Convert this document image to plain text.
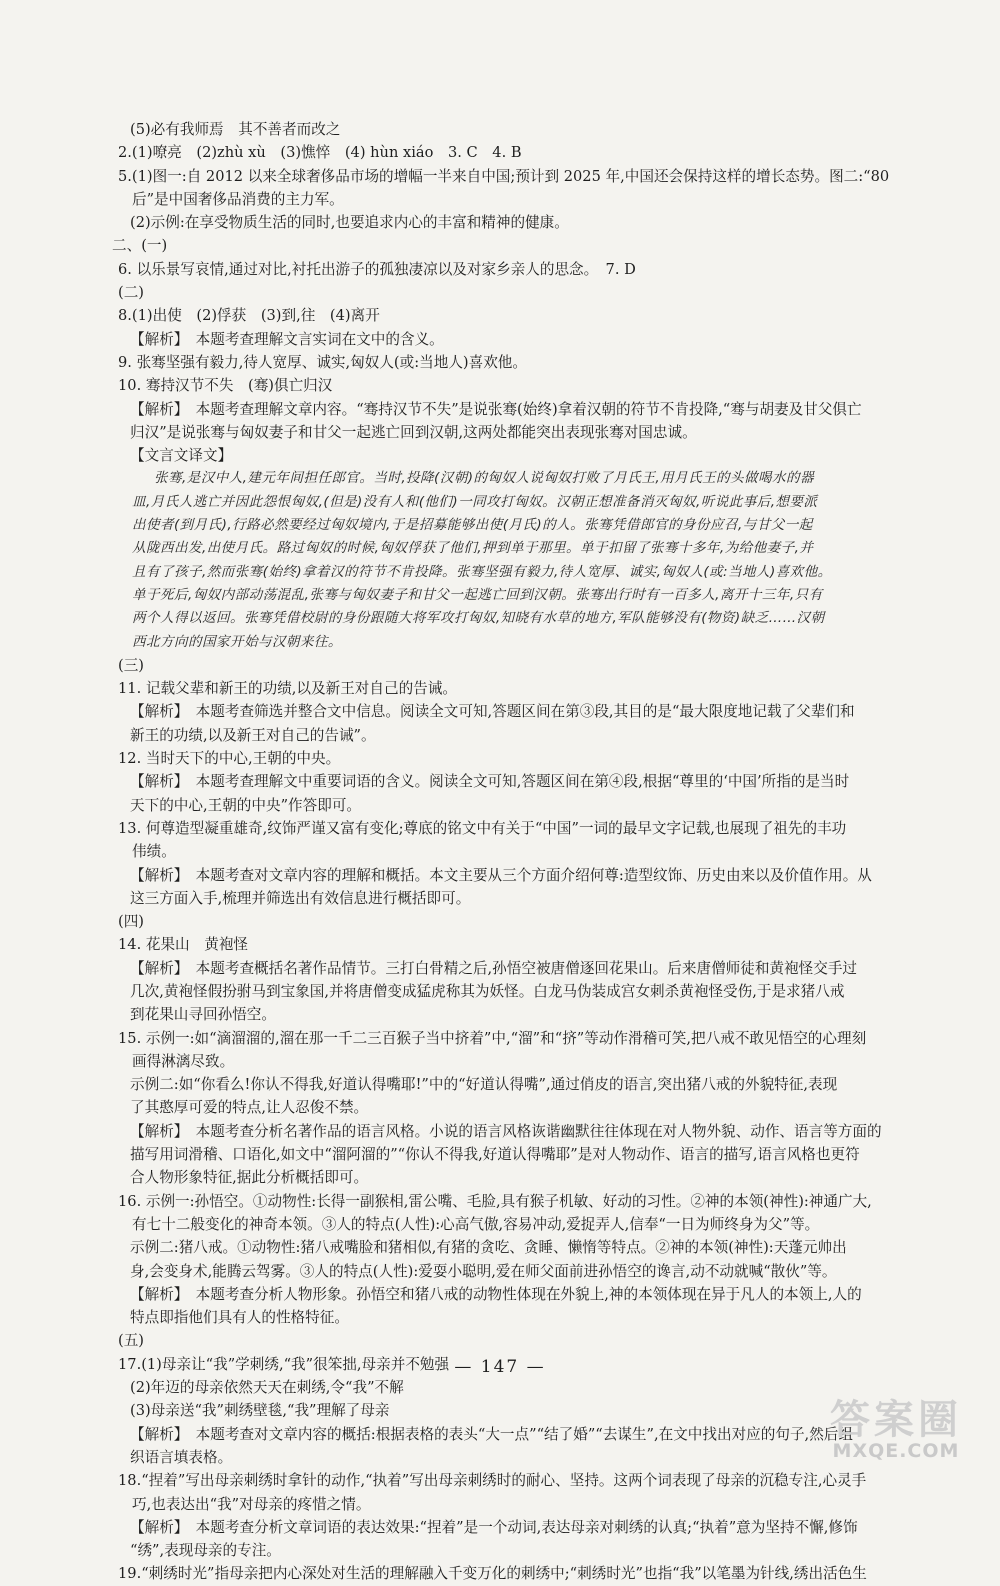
(5)必有我师焉　其不善者而改之
2.(1)嘹亮　(2)zhù xù　(3)憔悴　(4) hùn xiáo　3. C　4. B
5.(1)图一:自 2012 以来全球奢侈品市场的增幅一半来自中国;预计到 2025 年,中国还会保持这样的增长态势。图二:“80
后”是中国奢侈品消费的主力军。
(2)示例:在享受物质生活的同时,也要追求内心的丰富和精神的健康。
二、(一)
6. 以乐景写哀情,通过对比,衬托出游子的孤独凄凉以及对家乡亲人的思念。　7. D
(二)
8.(1)出使　(2)俘获　(3)到,往　(4)离开
【解析】　本题考查理解文言实词在文中的含义。
9. 张骞坚强有毅力,待人宽厚、诚实,匈奴人(或:当地人)喜欢他。
10. 骞持汉节不失　(骞)俱亡归汉
【解析】　本题考查理解文章内容。“骞持汉节不失”是说张骞(始终)拿着汉朝的符节不肯投降,“骞与胡妻及甘父俱亡
归汉”是说张骞与匈奴妻子和甘父一起逃亡回到汉朝,这两处都能突出表现张骞对国忠诚。
【文言文译文】
张骞,是汉中人,建元年间担任郎官。当时,投降(汉朝)的匈奴人说匈奴打败了月氏王,用月氏王的头做喝水的器
皿,月氏人逃亡并因此怨恨匈奴,(但是)没有人和(他们)一同攻打匈奴。汉朝正想准备消灭匈奴,听说此事后,想要派
出使者(到月氏),行路必然要经过匈奴境内,于是招募能够出使(月氏)的人。张骞凭借郎官的身份应召,与甘父一起
从陇西出发,出使月氏。路过匈奴的时候,匈奴俘获了他们,押到单于那里。单于扣留了张骞十多年,为给他妻子,并
且有了孩子,然而张骞(始终)拿着汉的符节不肯投降。张骞坚强有毅力,待人宽厚、诚实,匈奴人(或:当地人)喜欢他。
单于死后,匈奴内部动荡混乱,张骞与匈奴妻子和甘父一起逃亡回到汉朝。张骞出行时有一百多人,离开十三年,只有
两个人得以返回。张骞凭借校尉的身份跟随大将军攻打匈奴,知晓有水草的地方,军队能够没有(物资)缺乏……汉朝
西北方向的国家开始与汉朝来往。
(三)
11. 记载父辈和新王的功绩,以及新王对自己的告诫。
【解析】　本题考查筛选并整合文中信息。阅读全文可知,答题区间在第③段,其目的是“最大限度地记载了父辈们和
新王的功绩,以及新王对自己的告诫”。
12. 当时天下的中心,王朝的中央。
【解析】　本题考查理解文中重要词语的含义。阅读全文可知,答题区间在第④段,根据“尊里的‘中国’所指的是当时
天下的中心,王朝的中央”作答即可。
13. 何尊造型凝重雄奇,纹饰严谨又富有变化;尊底的铭文中有关于“中国”一词的最早文字记载,也展现了祖先的丰功
伟绩。
【解析】　本题考查对文章内容的理解和概括。本文主要从三个方面介绍何尊:造型纹饰、历史由来以及价值作用。从
这三方面入手,梳理并筛选出有效信息进行概括即可。
(四)
14. 花果山　黄袍怪
【解析】　本题考查概括名著作品情节。三打白骨精之后,孙悟空被唐僧逐回花果山。后来唐僧师徒和黄袍怪交手过
几次,黄袍怪假扮驸马到宝象国,并将唐僧变成猛虎称其为妖怪。白龙马伪装成宫女刺杀黄袍怪受伤,于是求猪八戒
到花果山寻回孙悟空。
15. 示例一:如“滴溜溜的,溜在那一千二三百猴子当中挤着”中,“溜”和“挤”等动作滑稽可笑,把八戒不敢见悟空的心理刻
画得淋漓尽致。
示例二:如“你看么!你认不得我,好道认得嘴耶!”中的“好道认得嘴”,通过俏皮的语言,突出猪八戒的外貌特征,表现
了其憨厚可爱的特点,让人忍俊不禁。
【解析】　本题考查分析名著作品的语言风格。小说的语言风格诙谐幽默往往体现在对人物外貌、动作、语言等方面的
描写用词滑稽、口语化,如文中“溜阿溜的”“你认不得我,好道认得嘴耶”是对人物动作、语言的描写,语言风格也更符
合人物形象特征,据此分析概括即可。
16. 示例一:孙悟空。①动物性:长得一副猴相,雷公嘴、毛脸,具有猴子机敏、好动的习性。②神的本领(神性):神通广大,
有七十二般变化的神奇本领。③人的特点(人性):心高气傲,容易冲动,爱捉弄人,信奉“一日为师终身为父”等。
示例二:猪八戒。①动物性:猪八戒嘴脸和猪相似,有猪的贪吃、贪睡、懒惰等特点。②神的本领(神性):天蓬元帅出
身,会变身术,能腾云驾雾。③人的特点(人性):爱耍小聪明,爱在师父面前进孙悟空的谗言,动不动就喊“散伙”等。
【解析】　本题考查分析人物形象。孙悟空和猪八戒的动物性体现在外貌上,神的本领体现在异于凡人的本领上,人的
特点即指他们具有人的性格特征。
(五)
17.(1)母亲让“我”学刺绣,“我”很笨拙,母亲并不勉强
(2)年迈的母亲依然天天在刺绣,令“我”不解
(3)母亲送“我”刺绣壁毯,“我”理解了母亲
【解析】　本题考查对文章内容的概括:根据表格的表头“大一点”“结了婚”“去谋生”,在文中找出对应的句子,然后组
织语言填表格。
18.“捏着”写出母亲刺绣时拿针的动作,“执着”写出母亲刺绣时的耐心、坚持。这两个词表现了母亲的沉稳专注,心灵手
巧,也表达出“我”对母亲的疼惜之情。
【解析】　本题考查分析文章词语的表达效果:“捏着”是一个动词,表达母亲对刺绣的认真;“执着”意为坚持不懈,修饰
“绣”,表现母亲的专注。
19.“刺绣时光”指母亲把内心深处对生活的理解融入千变万化的刺绣中;“刺绣时光”也指“我”以笔墨为针线,绣出活色生
— 147 —
答案圈
MXQE.COM
